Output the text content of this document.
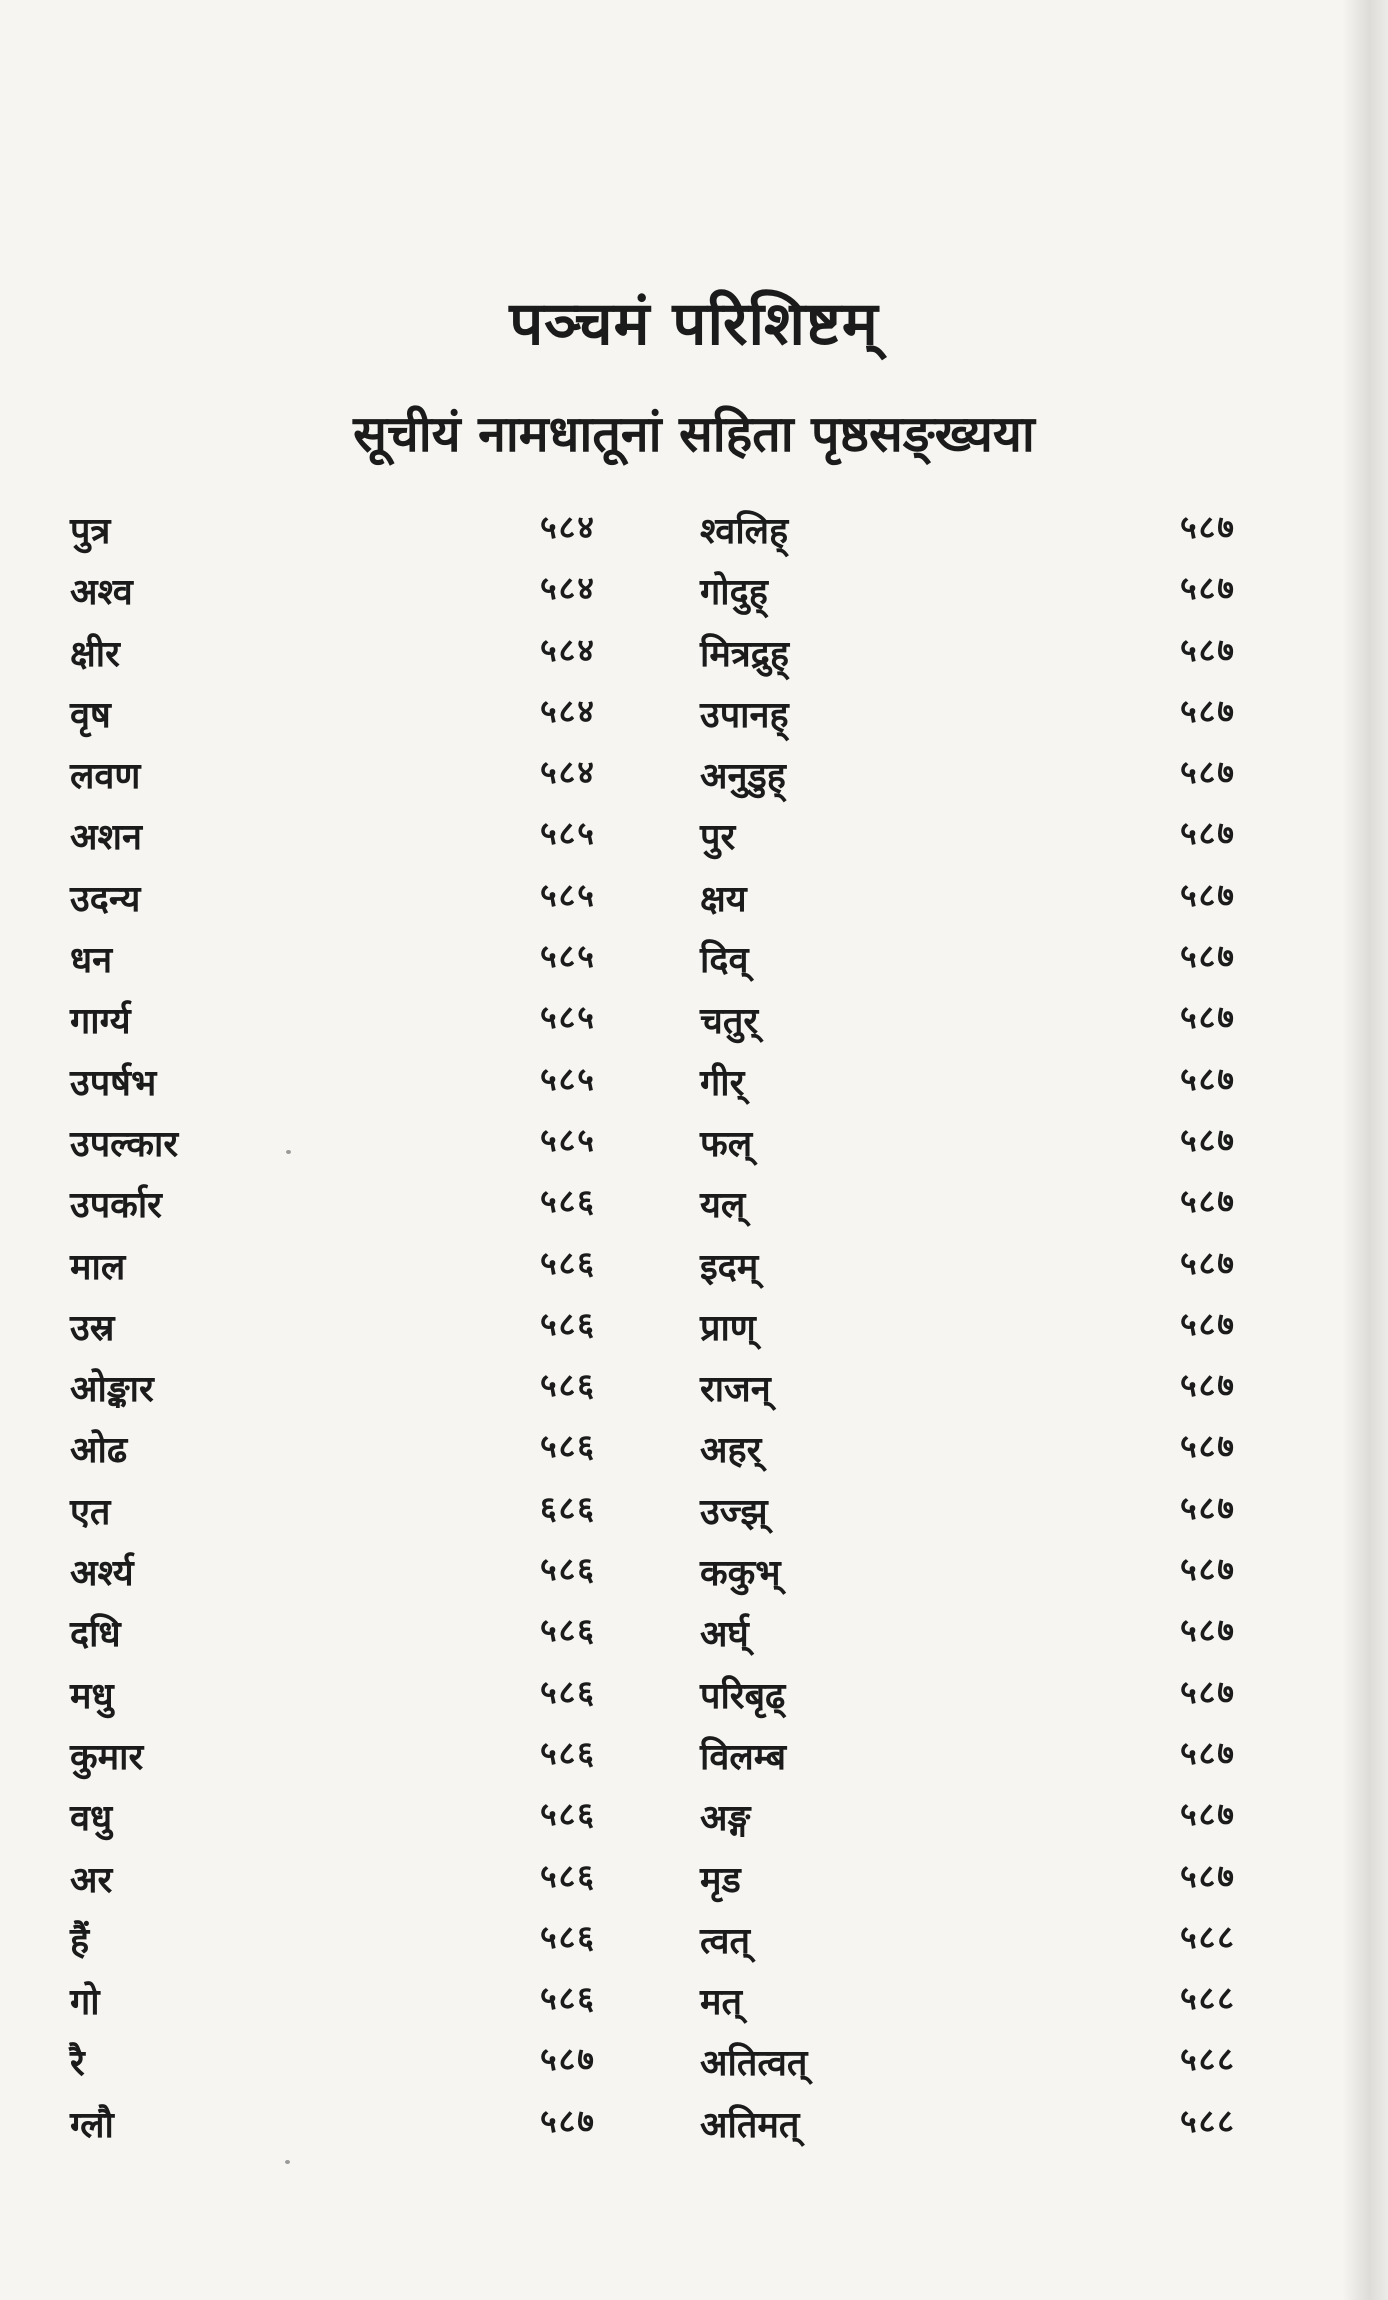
पञ्चमं परिशिष्टम्
सूचीयं नामधातूनां सहिता पृष्ठसङ्ख्यया
पुत्र	५८४	श्वलिह्	५८७
अश्व	५८४	गोदुह्	५८७
क्षीर	५८४	मित्रद्रुह्	५८७
वृष	५८४	उपानह्	५८७
लवण	५८४	अनुडुह्	५८७
अशन	५८५	पुर	५८७
उदन्य	५८५	क्षय	५८७
धन	५८५	दिव्	५८७
गार्ग्य	५८५	चतुर्	५८७
उपर्षभ	५८५	गीर्	५८७
उपल्कार	५८५	फल्	५८७
उपर्कार	५८६	यल्	५८७
माल	५८६	इदम्	५८७
उस्र	५८६	प्राण्	५८७
ओङ्कार	५८६	राजन्	५८७
ओढ	५८६	अहर्	५८७
एत	६८६	उज्झ्	५८७
अर्श्य	५८६	ककुभ्	५८७
दधि	५८६	अर्घ्	५८७
मधु	५८६	परिबृढ्	५८७
कुमार	५८६	विलम्ब	५८७
वधु	५८६	अङ्ग	५८७
अर	५८६	मृड	५८७
हैं	५८६	त्वत्	५८८
गो	५८६	मत्	५८८
रै	५८७	अतित्वत्	५८८
ग्लौ	५८७	अतिमत्	५८८
